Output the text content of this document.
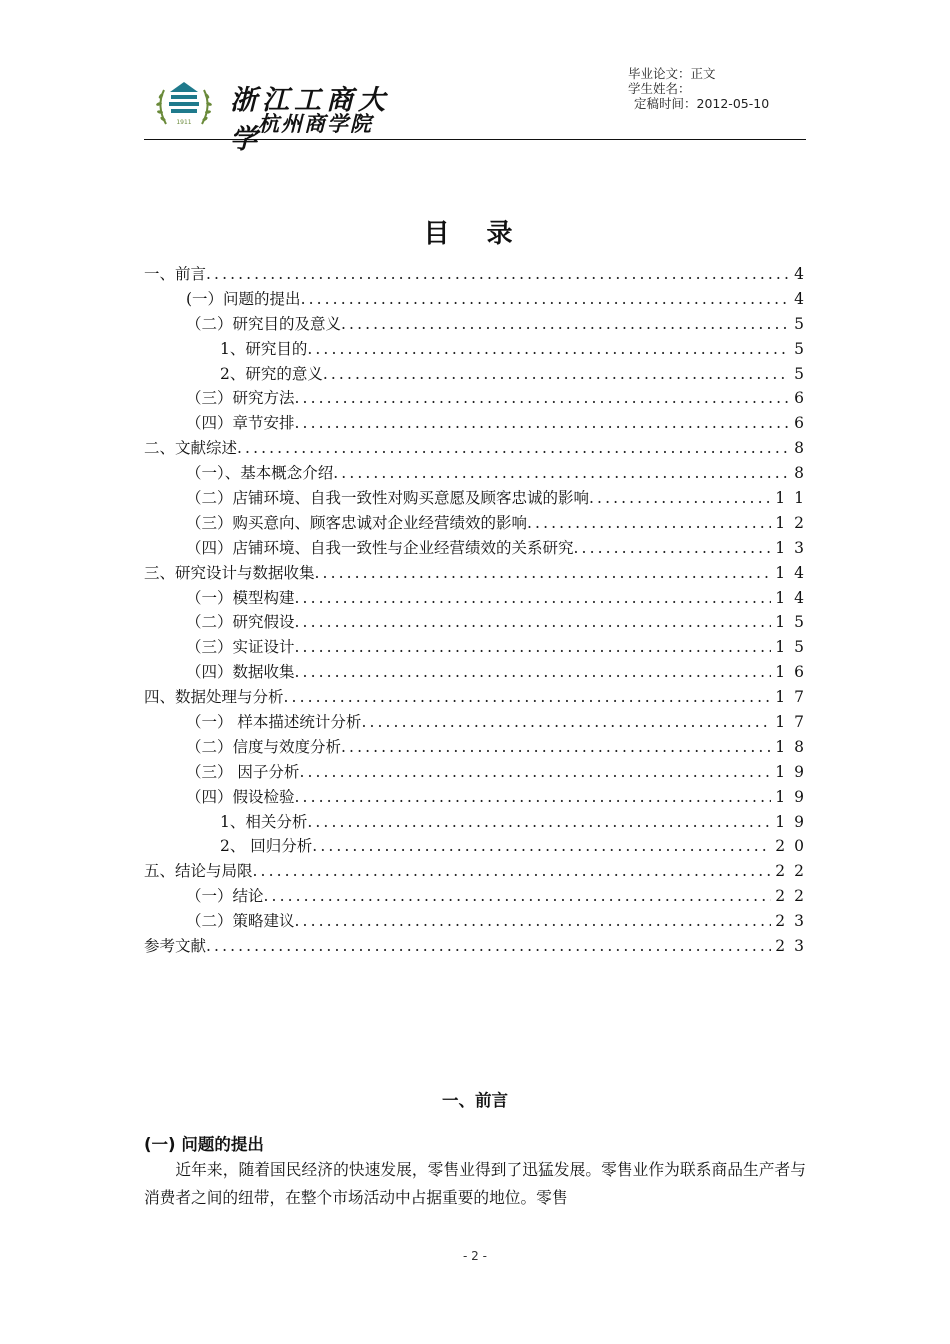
1911
浙江工商大学
杭州商学院
毕业论文：正文
学生姓名：
定稿时间：2012-05-10
目 录
一、前言 .....	4
(一）问题的提出 .....	4
（二）研究目的及意义 .....	5
1、研究目的 .....	5
2、研究的意义 .....	5
（三）研究方法 .....	6
（四）章节安排 .....	6
二、文献综述 .....	8
（一）、基本概念介绍 .....	8
（二）店铺环境、自我一致性对购买意愿及顾客忠诚的影响 .....	11
（三）购买意向、顾客忠诚对企业经营绩效的影响 .....	12
（四）店铺环境、自我一致性与企业经营绩效的关系研究 .....	13
三、研究设计与数据收集 .....	14
（一）模型构建 .....	14
（二）研究假设 .....	15
（三）实证设计 .....	15
（四）数据收集 .....	16
四、数据处理与分析 .....	17
（一） 样本描述统计分析 .....	17
（二）信度与效度分析 .....	18
（三） 因子分析 .....	19
（四）假设检验 .....	19
1、相关分析 .....	19
2、 回归分析 .....	20
五、结论与局限 .....	22
（一）结论 .....	22
（二）策略建议 .....	23
参考文献 .....	23
一、前言
(一) 问题的提出
近年来，随着国民经济的快速发展，零售业得到了迅猛发展。零售业作为联系商品生产者与消费者之间的纽带，在整个市场活动中占据重要的地位。零售
- 2 -
